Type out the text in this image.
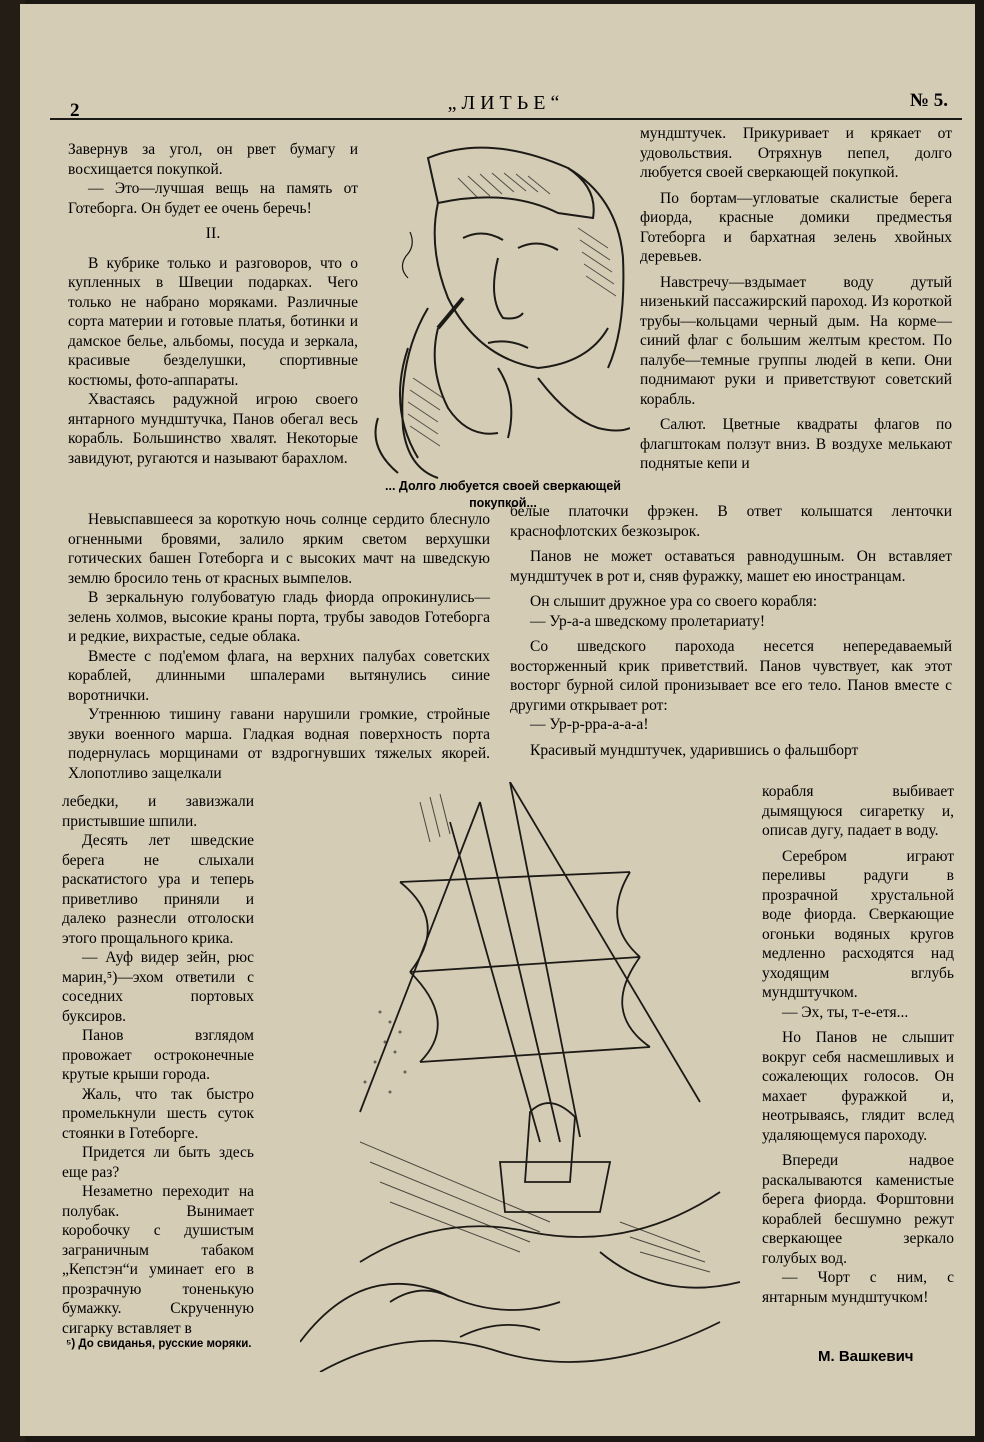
2	„ЛИТЬЕ“	№ 5.

Завернув за угол, он рвет бумагу и восхищается покупкой.

— Это—лучшая вещь на память от Готеборга. Он будет ее очень беречь!

II.

В кубрике только и разговоров, что о купленных в Швеции подарках. Чего только не набрано моряками. Различные сорта материи и готовые платья, ботинки и дамское белье, альбомы, посуда и зеркала, красивые безделушки, спортивные костюмы, фото-аппараты.

Хвастаясь радужной игрою своего янтарного мундштучка, Панов обегал весь корабль. Большинство хвалят. Некоторые завидуют, ругаются и называют барахлом.

... Долго любуется своей сверкающей покупкой...

Невыспавшееся за короткую ночь солнце сердито блеснуло огненными бровями, залило ярким светом верхушки готических башен Готеборга и с высоких мачт на шведскую землю бросило тень от красных вымпелов.

В зеркальную голубоватую гладь фиорда опрокинулись—зелень холмов, высокие краны порта, трубы заводов Готеборга и редкие, вихрастые, седые облака.

Вместе с под'емом флага, на верхних палубах советских кораблей, длинными шпалерами вытянулись синие воротнички.

Утреннюю тишину гавани нарушили громкие, стройные звуки военного марша. Гладкая водная поверхность порта подернулась морщинами от вздрогнувших тяжелых якорей. Хлопотливо защелкали

лебедки, и завизжали пристывшие шпили.

Десять лет шведские берега не слыхали раскатистого ура и теперь приветливо приняли и далеко разнесли отголоски этого прощального крика.

— Ауф видер зейн, рюс марин,⁵)—эхом ответили с соседних портовых буксиров.

Панов взглядом провожает остроконечные крутые крыши города.

Жаль, что так быстро промелькнули шесть суток стоянки в Готеборге.

Придется ли быть здесь еще раз?

Незаметно переходит на полубак. Вынимает коробочку с душистым заграничным табаком „Кепстэн“и уминает его в прозрачную тоненькую бумажку. Скрученную сигарку вставляет в

⁵) До свиданья, русские моряки.

мундштучек. Прикуривает и крякает от удовольствия. Отряхнув пепел, долго любуется своей сверкающей покупкой.

По бортам—угловатые скалистые берега фиорда, красные домики предместья Готеборга и бархатная зелень хвойных деревьев.

Навстречу—вздымает воду дутый низенький пассажирский пароход. Из короткой трубы—кольцами черный дым. На корме—синий флаг с большим желтым крестом. По палубе—темные группы людей в кепи. Они поднимают руки и приветствуют советский корабль.

Салют. Цветные квадраты флагов по флагштокам ползут вниз. В воздухе мелькают поднятые кепи и

белые платочки фрэкен. В ответ колышатся ленточки краснофлотских безкозырок.

Панов не может оставаться равнодушным. Он вставляет мундштучек в рот и, сняв фуражку, машет ею иностранцам.

Он слышит дружное ура со своего корабля:

— Ур-а-а шведскому пролетариату!

Со шведского парохода несется непередаваемый восторженный крик приветствий. Панов чувствует, как этот восторг бурной силой пронизывает все его тело. Панов вместе с другими открывает рот:

— Ур-р-рра-а-а-а!

Красивый мундштучек, ударившись о фальшборт

корабля выбивает дымящуюся сигаретку и, описав дугу, падает в воду.

Серебром играют переливы радуги в прозрачной хрустальной воде фиорда. Сверкающие огоньки водяных кругов медленно расходятся над уходящим вглубь мундштучком.

— Эх, ты, т-е-етя...

Но Панов не слышит вокруг себя насмешливых и сожалеющих голосов. Он махает фуражкой и, неотрываясь, глядит вслед удаляющемуся пароходу.

Впереди надвое раскалываются каменистые берега фиорда. Форштовни кораблей бесшумно режут сверкающее зеркало голубых вод.

— Чорт с ним, с янтарным мундштучком!

М. Вашкевич
